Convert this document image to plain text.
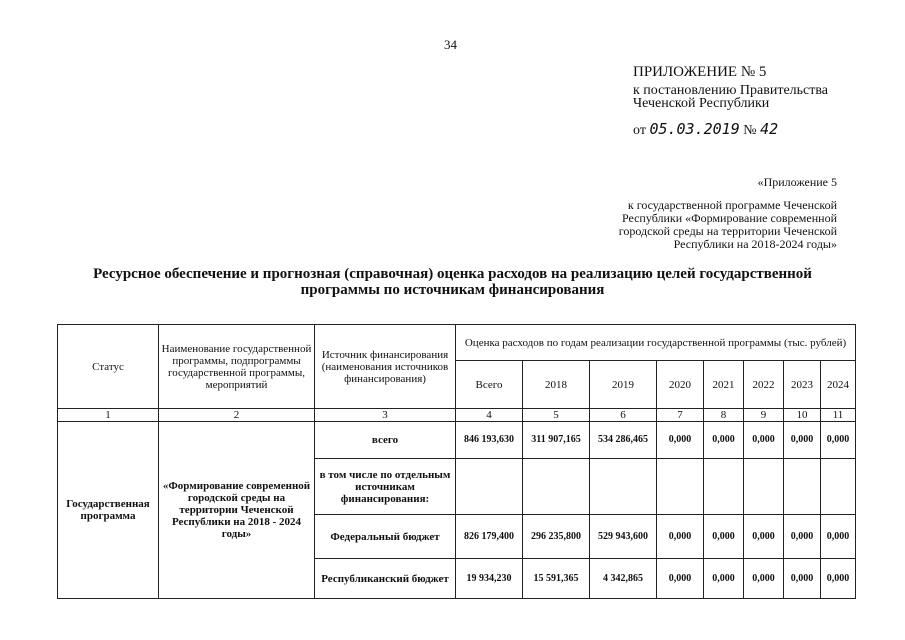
34
ПРИЛОЖЕНИЕ № 5
к постановлению Правительства
Чеченской Республики
от 05.03.2019 № 42
«Приложение 5
к государственной программе Чеченской Республики «Формирование современной городской среды на территории Чеченской Республики на 2018-2024 годы»
Ресурсное обеспечение и прогнозная (справочная) оценка расходов на реализацию целей государственной программы по источникам финансирования
Статус	Наименование государственной программы, подпрограммы государственной программы, мероприятий	Источник финансирования (наименования источников финансирования)	Оценка расходов по годам реализации государственной программы (тыс. рублей)							
			Всего	2018	2019	2020	2021	2022	2023	2024
1	2	3	4	5	6	7	8	9	10	11
Государственная программа	«Формирование современной городской среды на территории Чеченской Республики на 2018 - 2024 годы»	всего	846 193,630	311 907,165	534 286,465	0,000	0,000	0,000	0,000	0,000
		в том числе по отдельным источникам финансирования:								
		Федеральный бюджет	826 179,400	296 235,800	529 943,600	0,000	0,000	0,000	0,000	0,000
		Республиканский бюджет	19 934,230	15 591,365	4 342,865	0,000	0,000	0,000	0,000	0,000
